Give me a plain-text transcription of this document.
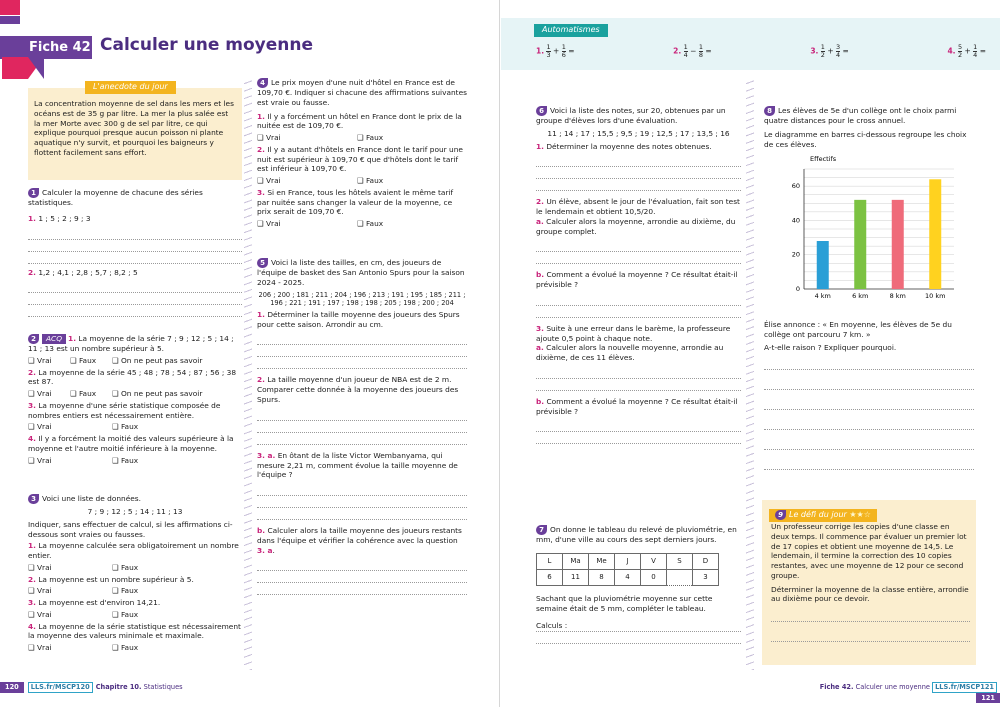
Fiche 42 Calculer une moyenne
L'anecdote du jour
La concentration moyenne de sel dans les mers et les océans est de 35 g par litre. La mer la plus salée est la mer Morte avec 300 g de sel par litre, ce qui explique pourquoi presque aucun poisson ni plante aquatique n'y survit, et pourquoi les baigneurs y flottent facilement sans effort.
1 Calculer la moyenne de chacune des séries statistiques.
1. 1 ; 5 ; 2 ; 9 ; 3
2. 1,2 ; 4,1 ; 2,8 ; 5,7 ; 8,2 ; 5
2 ACQ 1. La moyenne de la série 7 ; 9 ; 12 ; 5 ; 14 ; 11 ; 13 est un nombre supérieur à 5.
❑ Vrai ❑ Faux ❑ On ne peut pas savoir
2. La moyenne de la série 45 ; 48 ; 78 ; 54 ; 87 ; 56 ; 38 est 87.
❑ Vrai ❑ Faux ❑ On ne peut pas savoir
3. La moyenne d'une série statistique composée de nombres entiers est nécessairement entière.
❑ Vrai	❑ Faux
4. Il y a forcément la moitié des valeurs supérieure à la moyenne et l'autre moitié inférieure à la moyenne.
❑ Vrai	❑ Faux
3 Voici une liste de données.
7 ; 9 ; 12 ; 5 ; 14 ; 11 ; 13
Indiquer, sans effectuer de calcul, si les affirmations ci-dessous sont vraies ou fausses.
1. La moyenne calculée sera obligatoirement un nombre entier.
❑ Vrai	❑ Faux
2. La moyenne est un nombre supérieur à 5.
❑ Vrai	❑ Faux
3. La moyenne est d'environ 14,21.
❑ Vrai	❑ Faux
4. La moyenne de la série statistique est nécessairement la moyenne des valeurs minimale et maximale.
❑ Vrai	❑ Faux
4 Le prix moyen d'une nuit d'hôtel en France est de 109,70 €. Indiquer si chacune des affirmations suivantes est vraie ou fausse.
1. Il y a forcément un hôtel en France dont le prix de la nuitée est de 109,70 €.
❑ Vrai	❑ Faux
2. Il y a autant d'hôtels en France dont le tarif pour une nuit est supérieur à 109,70 € que d'hôtels dont le tarif est inférieur à 109,70 €.
❑ Vrai	❑ Faux
3. Si en France, tous les hôtels avaient le même tarif par nuitée sans changer la valeur de la moyenne, ce prix serait de 109,70 €.
❑ Vrai	❑ Faux
5 Voici la liste des tailles, en cm, des joueurs de l'équipe de basket des San Antonio Spurs pour la saison 2024 - 2025.
206 ; 200 ; 181 ; 211 ; 204 ; 196 ; 213 ; 191 ; 195 ; 185 ; 211 ;
196 ; 221 ; 191 ; 197 ; 198 ; 198 ; 205 ; 198 ; 200 ; 204
1. Déterminer la taille moyenne des joueurs des Spurs pour cette saison. Arrondir au cm.
2. La taille moyenne d'un joueur de NBA est de 2 m. Comparer cette donnée à la moyenne des joueurs des Spurs.
3. a. En ôtant de la liste Victor Wembanyama, qui mesure 2,21 m, comment évolue la taille moyenne de l'équipe ?
b. Calculer alors la taille moyenne des joueurs restants dans l'équipe et vérifier la cohérence avec la question 3. a.
120 LLS.fr/MSCP120 Chapitre 10. Statistiques
Automatismes
1. $\frac{1}{3} + \frac{1}{6}$ =	2. $\frac{1}{4} - \frac{1}{8}$ =	3. $\frac{1}{2} + \frac{3}{4}$ =	4. $\frac{5}{2} + \frac{1}{4}$ =
6 Voici la liste des notes, sur 20, obtenues par un groupe d'élèves lors d'une évaluation.
11 ; 14 ; 17 ; 15,5 ; 9,5 ; 19 ; 12,5 ; 17 ; 13,5 ; 16
1. Déterminer la moyenne des notes obtenues.
2. Un élève, absent le jour de l'évaluation, fait son test le lendemain et obtient 10,5/20.
a. Calculer alors la moyenne, arrondie au dixième, du groupe complet.
b. Comment a évolué la moyenne ? Ce résultat était-il prévisible ?
3. Suite à une erreur dans le barème, la professeure ajoute 0,5 point à chaque note.
a. Calculer alors la nouvelle moyenne, arrondie au dixième, de ces 11 élèves.
b. Comment a évolué la moyenne ? Ce résultat était-il prévisible ?
7 On donne le tableau du relevé de pluviométrie, en mm, d'une ville au cours des sept derniers jours.
L	Ma	Me	J	V	S	D
6	11	8	4	0		3
Sachant que la pluviométrie moyenne sur cette semaine était de 5 mm, compléter le tableau.
Calculs :
8 Les élèves de 5e d'un collège ont le choix parmi quatre distances pour le cross annuel.
Le diagramme en barres ci-dessous regroupe les choix de ces élèves.
Effectifs
0
20
40
60
4 km	6 km	8 km	10 km
Élise annonce : « En moyenne, les élèves de 5e du collège ont parcouru 7 km. »
A-t-elle raison ? Expliquer pourquoi.
9 Le défi du jour ★★☆
Un professeur corrige les copies d'une classe en deux temps. Il commence par évaluer un premier lot de 17 copies et obtient une moyenne de 14,5. Le lendemain, il termine la correction des 10 copies restantes, avec une moyenne de 12 pour ce second groupe.
Déterminer la moyenne de la classe entière, arrondie au dixième pour ce devoir.
Fiche 42. Calculer une moyenne LLS.fr/MSCP121121
